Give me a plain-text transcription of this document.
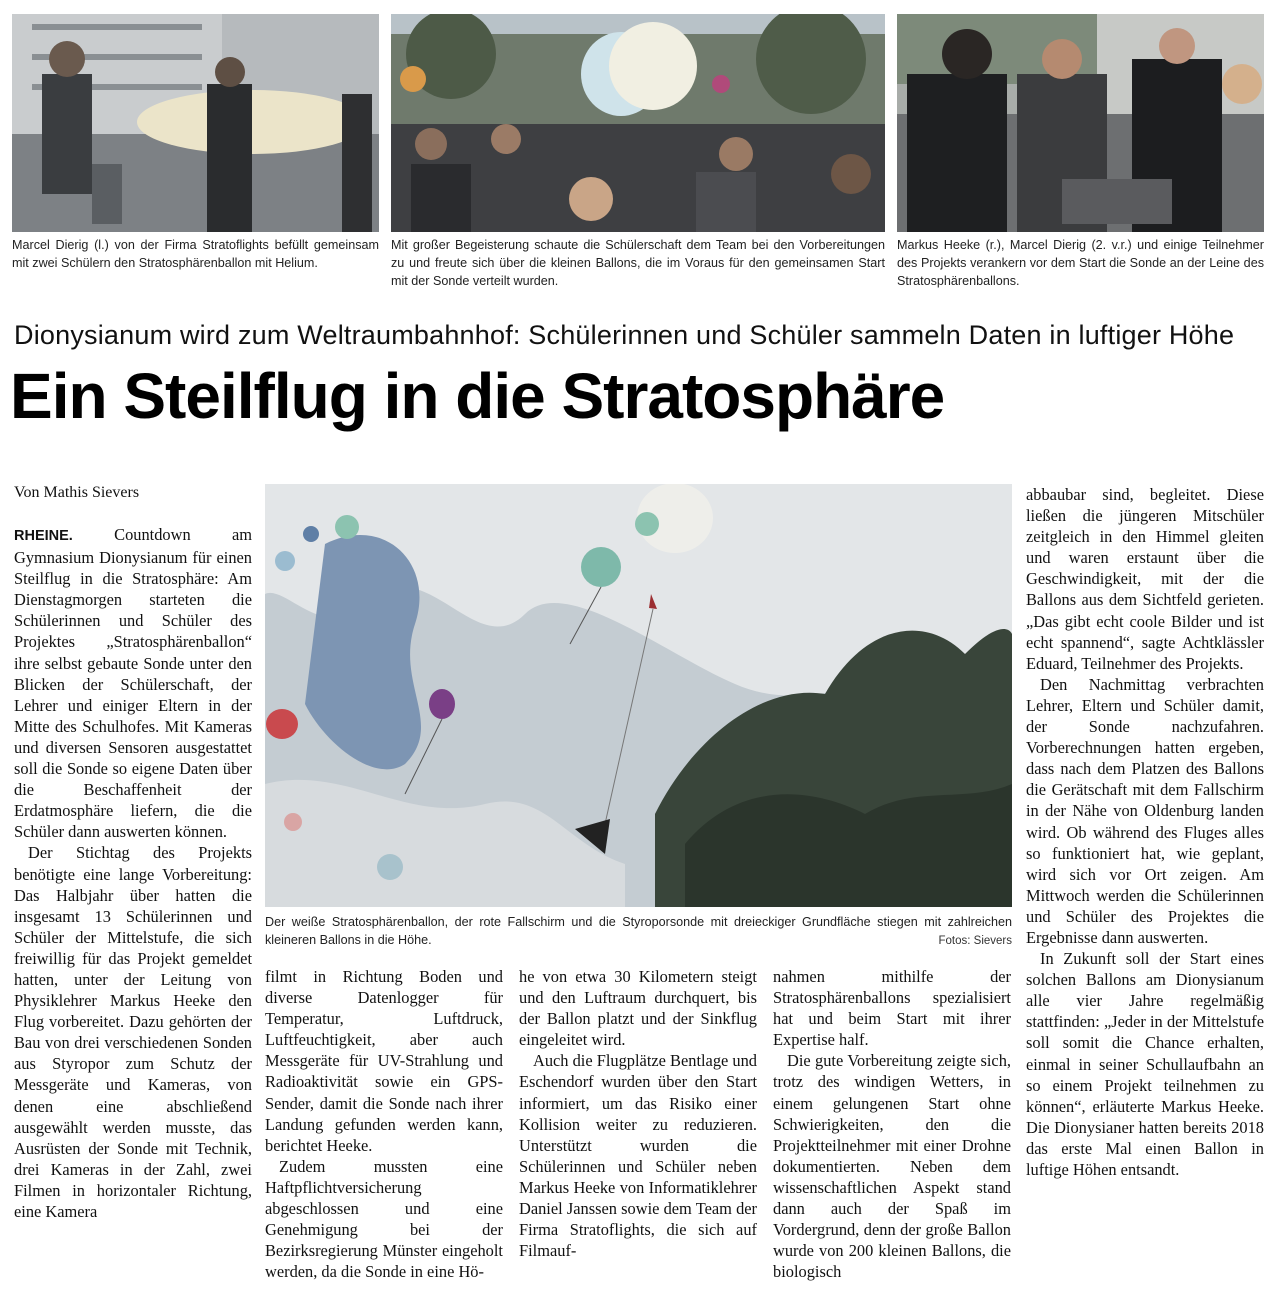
Marcel Dierig (l.) von der Firma Stratoflights befüllt gemeinsam mit zwei Schülern den Stratosphärenballon mit Helium.
Mit großer Begeisterung schaute die Schülerschaft dem Team bei den Vorbereitungen zu und freute sich über die kleinen Ballons, die im Voraus für den gemeinsamen Start mit der Sonde verteilt wurden.
Markus Heeke (r.), Marcel Dierig (2. v.r.) und einige Teilnehmer des Projekts verankern vor dem Start die Sonde an der Leine des Stratosphärenballons.
Dionysianum wird zum Weltraumbahnhof: Schülerinnen und Schüler sammeln Daten in luftiger Höhe
Ein Steilflug in die Stratosphäre
Von Mathis Sievers
Der weiße Stratosphärenballon, der rote Fallschirm und die Styroporsonde mit dreieckiger Grundfläche stiegen mit zahlreichen kleineren Ballons in die Höhe.	Fotos: Sievers

RHEINE.	Countdown am Gymnasium Dionysianum für einen Steilflug in die Stratosphäre: Am Dienstagmorgen starteten die Schülerinnen und Schüler des Projektes „Stratosphärenballon“ ihre selbst gebaute Sonde unter den Blicken der Schülerschaft, der Lehrer und einiger Eltern in der Mitte des Schulhofes. Mit Kameras und diversen Sensoren ausgestattet soll die Sonde so eigene Daten über die Beschaffenheit der Erdatmosphäre liefern, die die Schüler dann auswerten können.

Der Stichtag des Projekts benötigte eine lange Vorbereitung: Das Halbjahr über hatten die insgesamt 13 Schülerinnen und Schüler der Mittelstufe, die sich freiwillig für das Projekt gemeldet hatten, unter der Leitung von Physiklehrer Markus Heeke den Flug vorbereitet. Dazu gehörten der Bau von drei verschiedenen Sonden aus Styropor zum Schutz der Messgeräte und Kameras, von denen eine abschließend ausgewählt werden musste, das Ausrüsten der Sonde mit Technik, drei Kameras in der Zahl, zwei Filmen in horizontaler Richtung, eine Kamera

filmt in Richtung Boden und diverse Datenlogger für Temperatur, Luftdruck, Luftfeuchtigkeit, aber auch Messgeräte für UV-Strahlung und Radioaktivität sowie ein GPS-Sender, damit die Sonde nach ihrer Landung gefunden werden kann, berichtet Heeke.

Zudem mussten eine Haftpflichtversicherung abgeschlossen und eine Genehmigung bei der Bezirksregierung Münster eingeholt werden, da die Sonde in eine Hö-

he von etwa 30 Kilometern steigt und den Luftraum durchquert, bis der Ballon platzt und der Sinkflug eingeleitet wird.

Auch die Flugplätze Bentlage und Eschendorf wurden über den Start informiert, um das Risiko einer Kollision weiter zu reduzieren. Unterstützt wurden die Schülerinnen und Schüler neben Markus Heeke von Informatiklehrer Daniel Janssen sowie dem Team der Firma Stratoflights, die sich auf Filmauf-

nahmen mithilfe der Stratosphärenballons spezialisiert hat und beim Start mit ihrer Expertise half.

Die gute Vorbereitung zeigte sich, trotz des windigen Wetters, in einem gelungenen Start ohne Schwierigkeiten, den die Projektteilnehmer mit einer Drohne dokumentierten. Neben dem wissenschaftlichen Aspekt stand dann auch der Spaß im Vordergrund, denn der große Ballon wurde von 200 kleinen Ballons, die biologisch

abbaubar sind, begleitet. Diese ließen die jüngeren Mitschüler zeitgleich in den Himmel gleiten und waren erstaunt über die Geschwindigkeit, mit der die Ballons aus dem Sichtfeld gerieten. „Das gibt echt coole Bilder und ist echt spannend“, sagte Achtklässler Eduard, Teilnehmer des Projekts.

Den Nachmittag verbrachten Lehrer, Eltern und Schüler damit, der Sonde nachzufahren. Vorberechnungen hatten ergeben, dass nach dem Platzen des Ballons die Gerätschaft mit dem Fallschirm in der Nähe von Oldenburg landen wird. Ob während des Fluges alles so funktioniert hat, wie geplant, wird sich vor Ort zeigen. Am Mittwoch werden die Schülerinnen und Schüler des Projektes die Ergebnisse dann auswerten.

In Zukunft soll der Start eines solchen Ballons am Dionysianum alle vier Jahre regelmäßig stattfinden: „Jeder in der Mittelstufe soll somit die Chance erhalten, einmal in seiner Schullaufbahn an so einem Projekt teilnehmen zu können“, erläuterte Markus Heeke. Die Dionysianer hatten bereits 2018 das erste Mal einen Ballon in luftige Höhen entsandt.
